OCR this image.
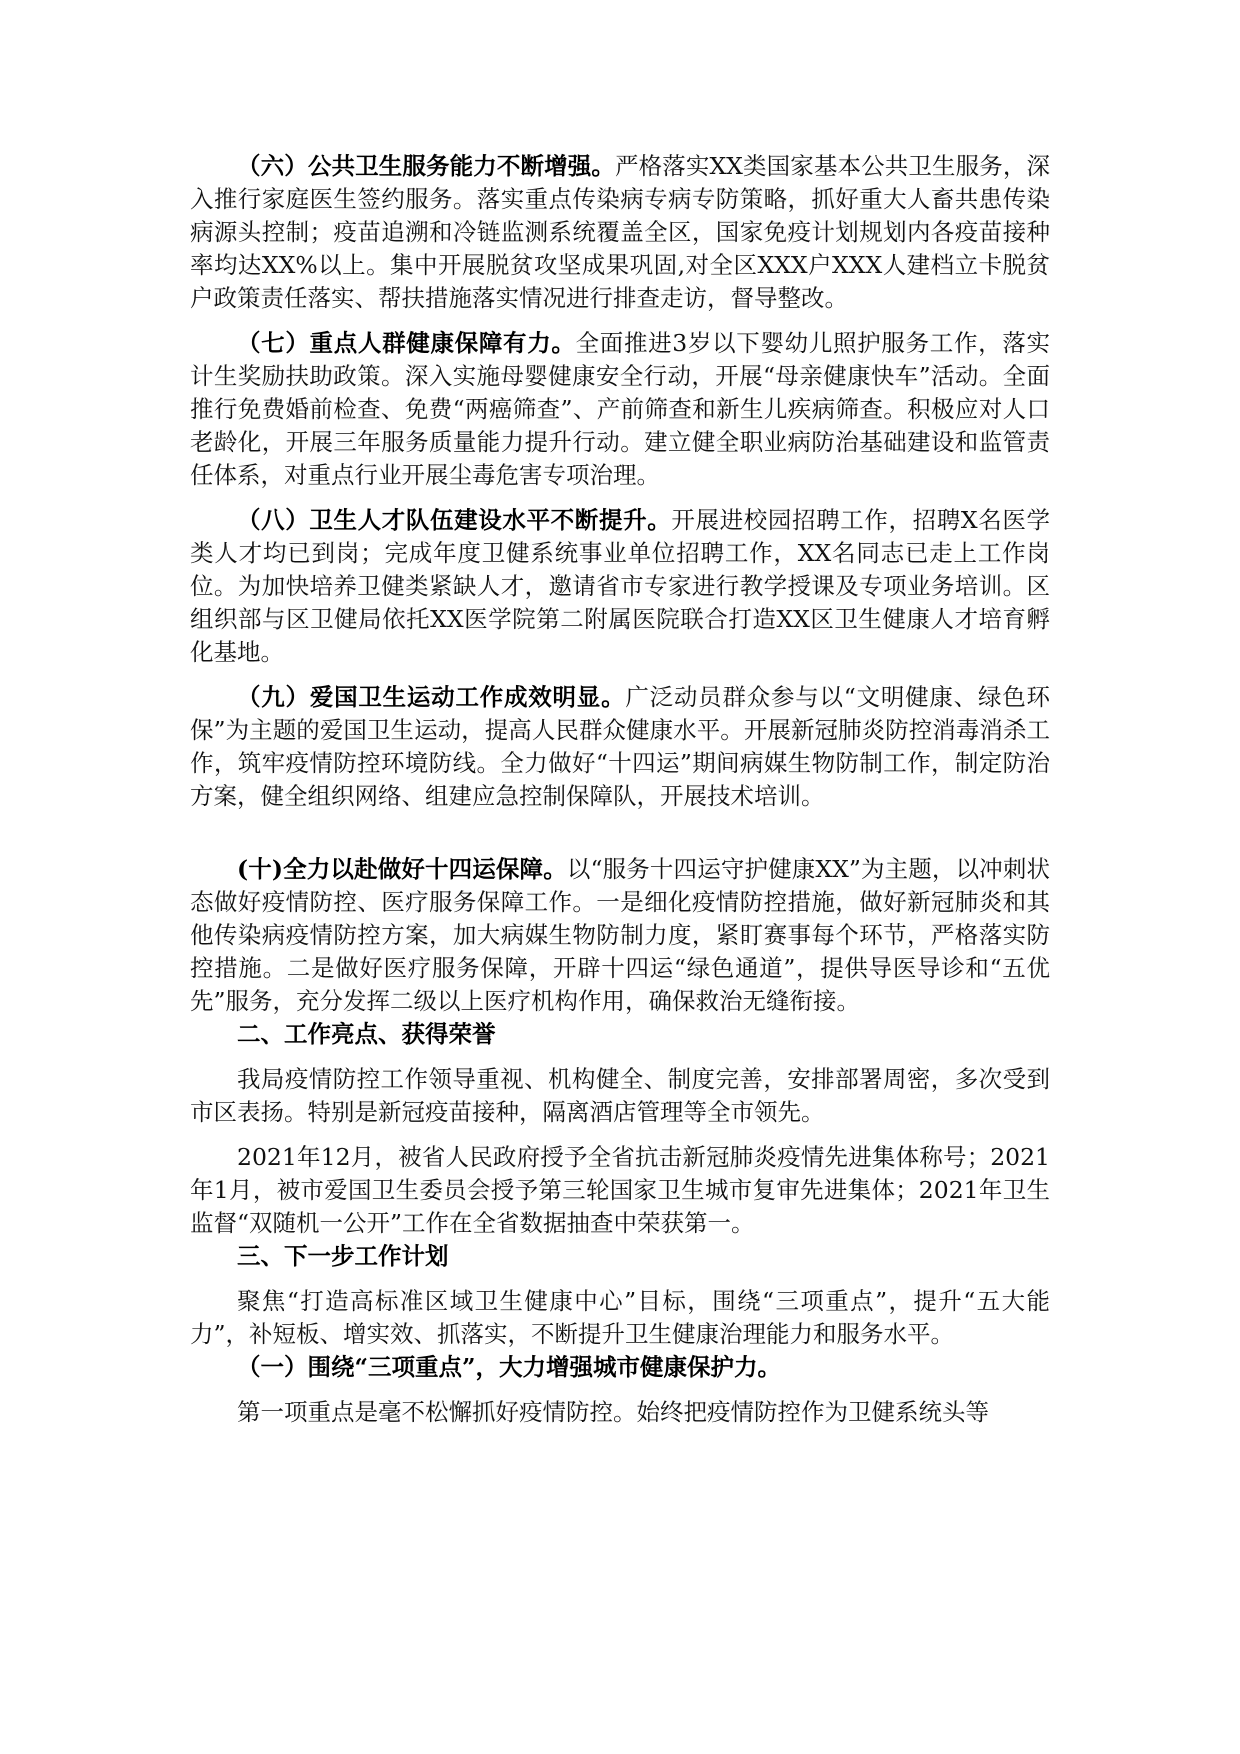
（六）公共卫生服务能力不断增强。严格落实XX类国家基本公共卫生服务，深入推行家庭医生签约服务。落实重点传染病专病专防策略，抓好重大人畜共患传染病源头控制；疫苗追溯和冷链监测系统覆盖全区，国家免疫计划规划内各疫苗接种率均达XX%以上。集中开展脱贫攻坚成果巩固,对全区XXX户XXX人建档立卡脱贫户政策责任落实、帮扶措施落实情况进行排查走访，督导整改。

（七）重点人群健康保障有力。全面推进3岁以下婴幼儿照护服务工作，落实计生奖励扶助政策。深入实施母婴健康安全行动，开展“母亲健康快车”活动。全面推行免费婚前检查、免费“两癌筛查”、产前筛查和新生儿疾病筛查。积极应对人口老龄化，开展三年服务质量能力提升行动。建立健全职业病防治基础建设和监管责任体系，对重点行业开展尘毒危害专项治理。

（八）卫生人才队伍建设水平不断提升。开展进校园招聘工作，招聘X名医学类人才均已到岗；完成年度卫健系统事业单位招聘工作，XX名同志已走上工作岗位。为加快培养卫健类紧缺人才，邀请省市专家进行教学授课及专项业务培训。区组织部与区卫健局依托XX医学院第二附属医院联合打造XX区卫生健康人才培育孵化基地。

（九）爱国卫生运动工作成效明显。广泛动员群众参与以“文明健康、绿色环保”为主题的爱国卫生运动，提高人民群众健康水平。开展新冠肺炎防控消毒消杀工作，筑牢疫情防控环境防线。全力做好“十四运”期间病媒生物防制工作，制定防治方案，健全组织网络、组建应急控制保障队，开展技术培训。

(十)全力以赴做好十四运保障。以“服务十四运守护健康XX”为主题，以冲刺状态做好疫情防控、医疗服务保障工作。一是细化疫情防控措施，做好新冠肺炎和其他传染病疫情防控方案，加大病媒生物防制力度，紧盯赛事每个环节，严格落实防控措施。二是做好医疗服务保障，开辟十四运“绿色通道”，提供导医导诊和“五优先”服务，充分发挥二级以上医疗机构作用，确保救治无缝衔接。

二、工作亮点、获得荣誉

我局疫情防控工作领导重视、机构健全、制度完善，安排部署周密，多次受到市区表扬。特别是新冠疫苗接种，隔离酒店管理等全市领先。

2021年12月，被省人民政府授予全省抗击新冠肺炎疫情先进集体称号；2021年1月，被市爱国卫生委员会授予第三轮国家卫生城市复审先进集体；2021年卫生监督“双随机一公开”工作在全省数据抽查中荣获第一。

三、下一步工作计划

聚焦“打造高标准区域卫生健康中心”目标，围绕“三项重点”，提升“五大能力”，补短板、增实效、抓落实，不断提升卫生健康治理能力和服务水平。

（一）围绕“三项重点”，大力增强城市健康保护力。

第一项重点是毫不松懈抓好疫情防控。始终把疫情防控作为卫健系统头等
